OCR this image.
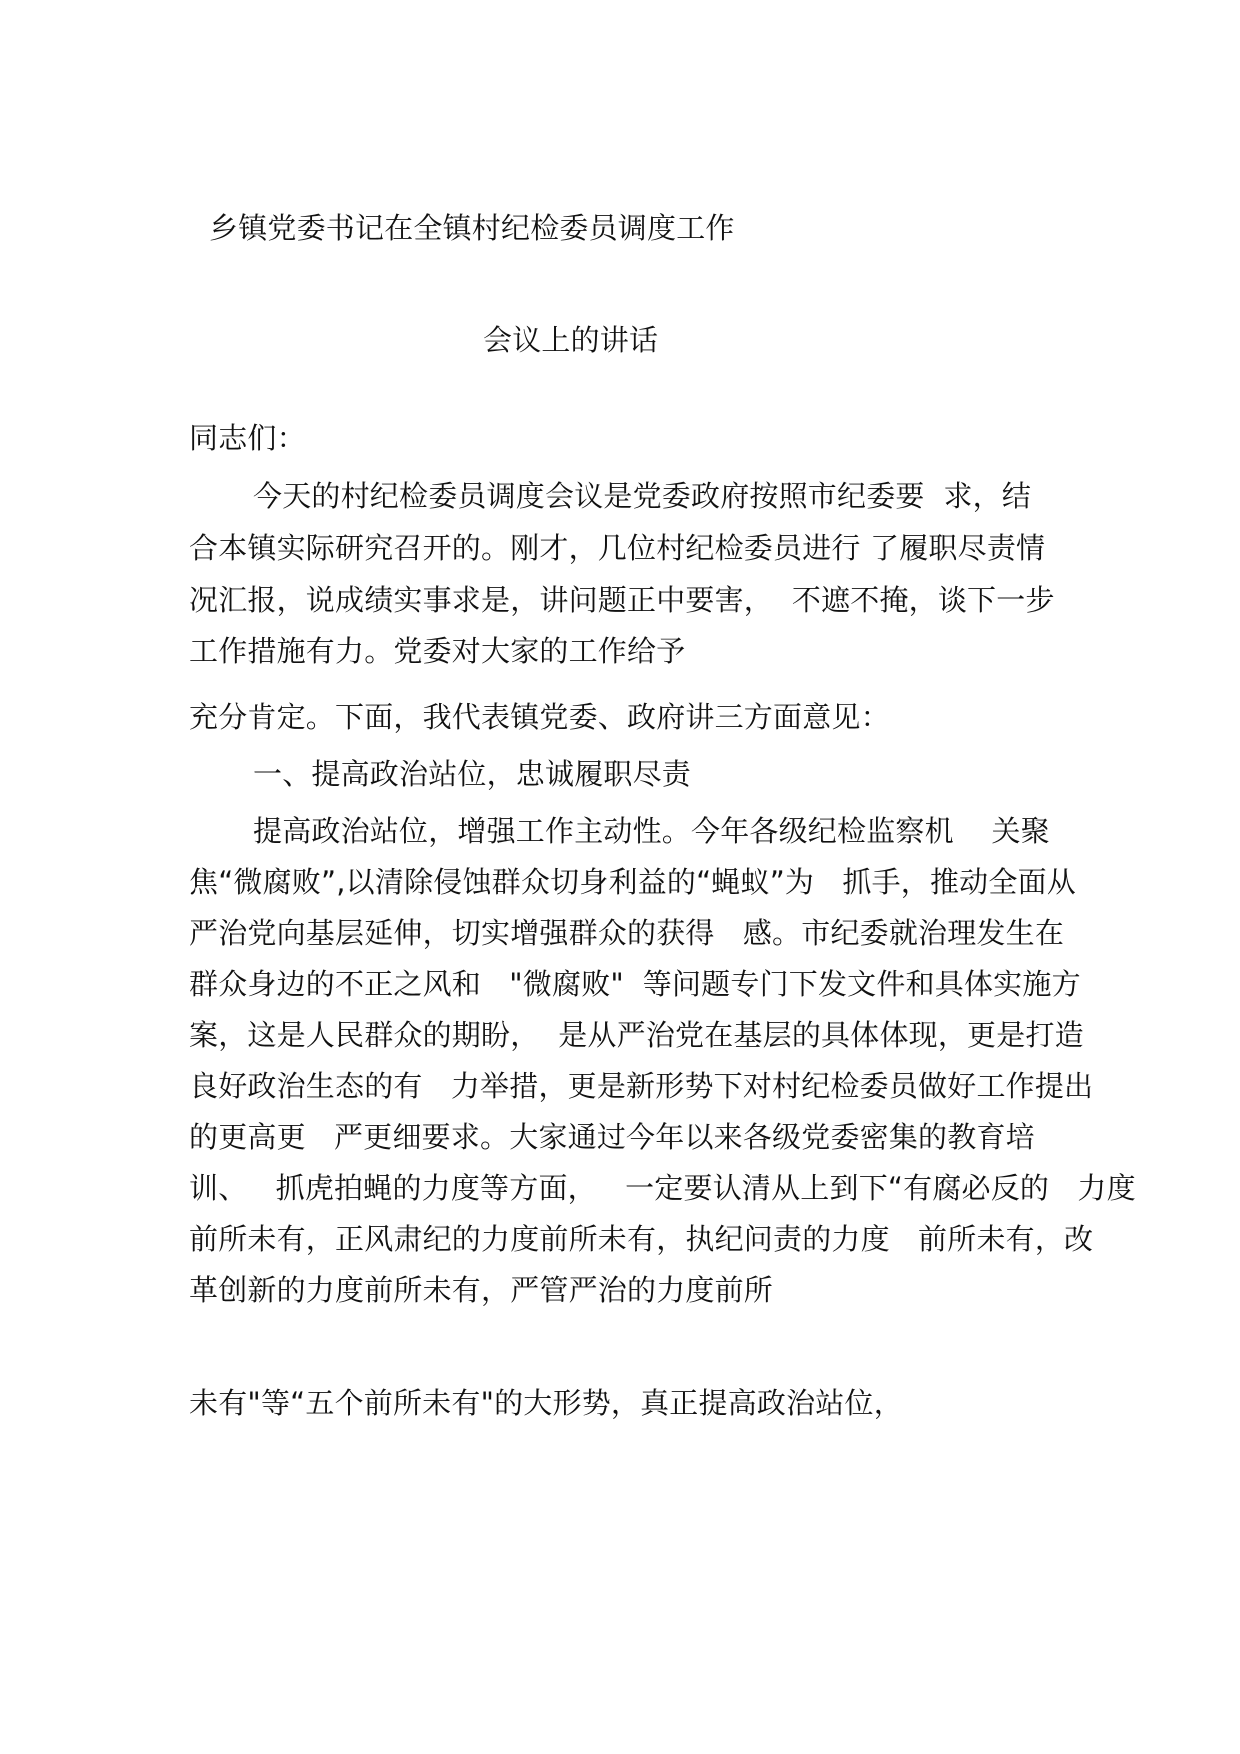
乡镇党委书记在全镇村纪检委员调度工作
会议上的讲话
同志们：
今天的村纪检委员调度会议是党委政府按照市纪委要  求，结
合本镇实际研究召开的。刚才，几位村纪检委员进行 了履职尽责情
况汇报，说成绩实事求是，讲问题正中要害，  不遮不掩，谈下一步
工作措施有力。党委对大家的工作给予
充分肯定。下面，我代表镇党委、政府讲三方面意见：
一、提高政治站位，忠诚履职尽责
提高政治站位，增强工作主动性。今年各级纪检监察机    关聚
焦“微腐败”,以清除侵蚀群众切身利益的“蝇蚁”为   抓手，推动全面从
严治党向基层延伸，切实增强群众的获得   感。市纪委就治理发生在
群众身边的不正之风和   "微腐败"  等问题专门下发文件和具体实施方
案，这是人民群众的期盼，  是从严治党在基层的具体体现，更是打造
良好政治生态的有   力举措，更是新形势下对村纪检委员做好工作提出
的更高更   严更细要求。大家通过今年以来各级党委密集的教育培
训、   抓虎拍蝇的力度等方面，   一定要认清从上到下“有腐必反的   力度
前所未有，正风肃纪的力度前所未有，执纪问责的力度   前所未有，改
革创新的力度前所未有，严管严治的力度前所
未有"等“五个前所未有"的大形势，真正提高政治站位，
